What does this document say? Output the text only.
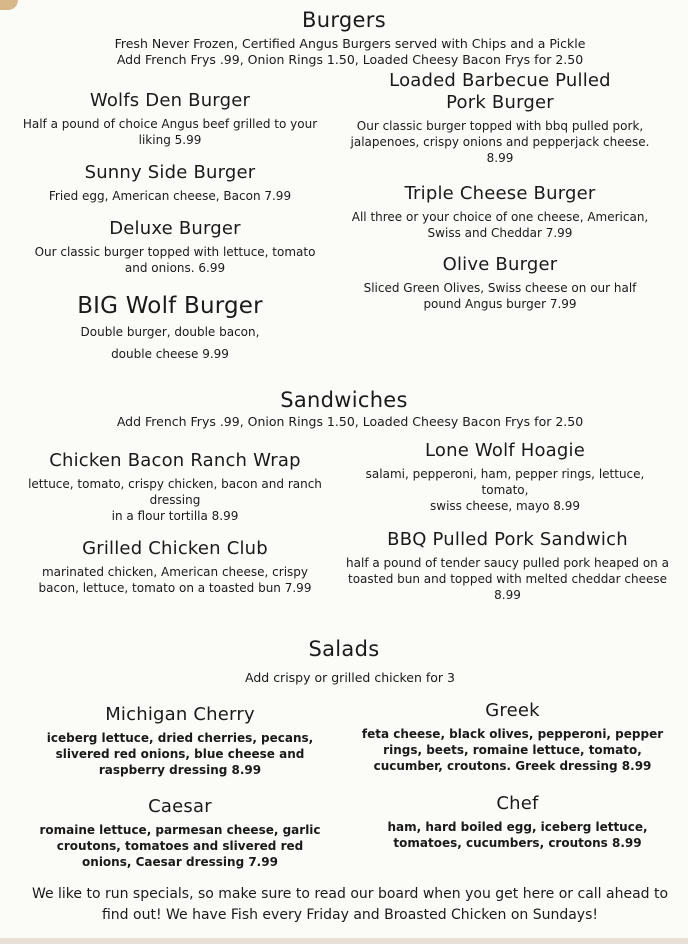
Burgers
Fresh Never Frozen, Certified Angus Burgers served with Chips and a Pickle
Add French Frys .99, Onion Rings 1.50, Loaded Cheesy Bacon Frys for 2.50
Wolfs Den Burger
Half a pound of choice Angus beef grilled to your liking 5.99
Loaded Barbecue Pulled Pork Burger
Our classic burger topped with bbq pulled pork, jalapenoes, crispy onions and pepperjack cheese. 8.99
Sunny Side Burger
Fried egg, American cheese, Bacon 7.99	Triple Cheese Burger
All three or your choice of one cheese, American, Swiss and Cheddar 7.99
Deluxe Burger
Our classic burger topped with lettuce, tomato and onions. 6.99	Olive Burger
Sliced Green Olives, Swiss cheese on our half pound Angus burger 7.99
BIG Wolf Burger
Double burger, double bacon,
double cheese 9.99
Sandwiches
Add French Frys .99, Onion Rings 1.50, Loaded Cheesy Bacon Frys for 2.50
Chicken Bacon Ranch Wrap
lettuce, tomato, crispy chicken, bacon and ranch dressing
in a flour tortilla 8.99
Lone Wolf Hoagie
salami, pepperoni, ham, pepper rings, lettuce, tomato,
swiss cheese, mayo 8.99
Grilled Chicken Club
marinated chicken, American cheese, crispy bacon, lettuce, tomato on a toasted bun 7.99
BBQ Pulled Pork Sandwich
half a pound of tender saucy pulled pork heaped on a toasted bun and topped with melted cheddar cheese 8.99
Salads
Add crispy or grilled chicken for 3
Michigan Cherry
iceberg lettuce, dried cherries, pecans, slivered red onions, blue cheese and raspberry dressing 8.99
Greek
feta cheese, black olives, pepperoni, pepper rings, beets, romaine lettuce, tomato, cucumber, croutons. Greek dressing 8.99
Caesar
romaine lettuce, parmesan cheese, garlic croutons, tomatoes and slivered red onions, Caesar dressing 7.99
Chef
ham, hard boiled egg, iceberg lettuce, tomatoes, cucumbers, croutons 8.99
We like to run specials, so make sure to read our board when you get here or call ahead to find out! We have Fish every Friday and Broasted Chicken on Sundays!
